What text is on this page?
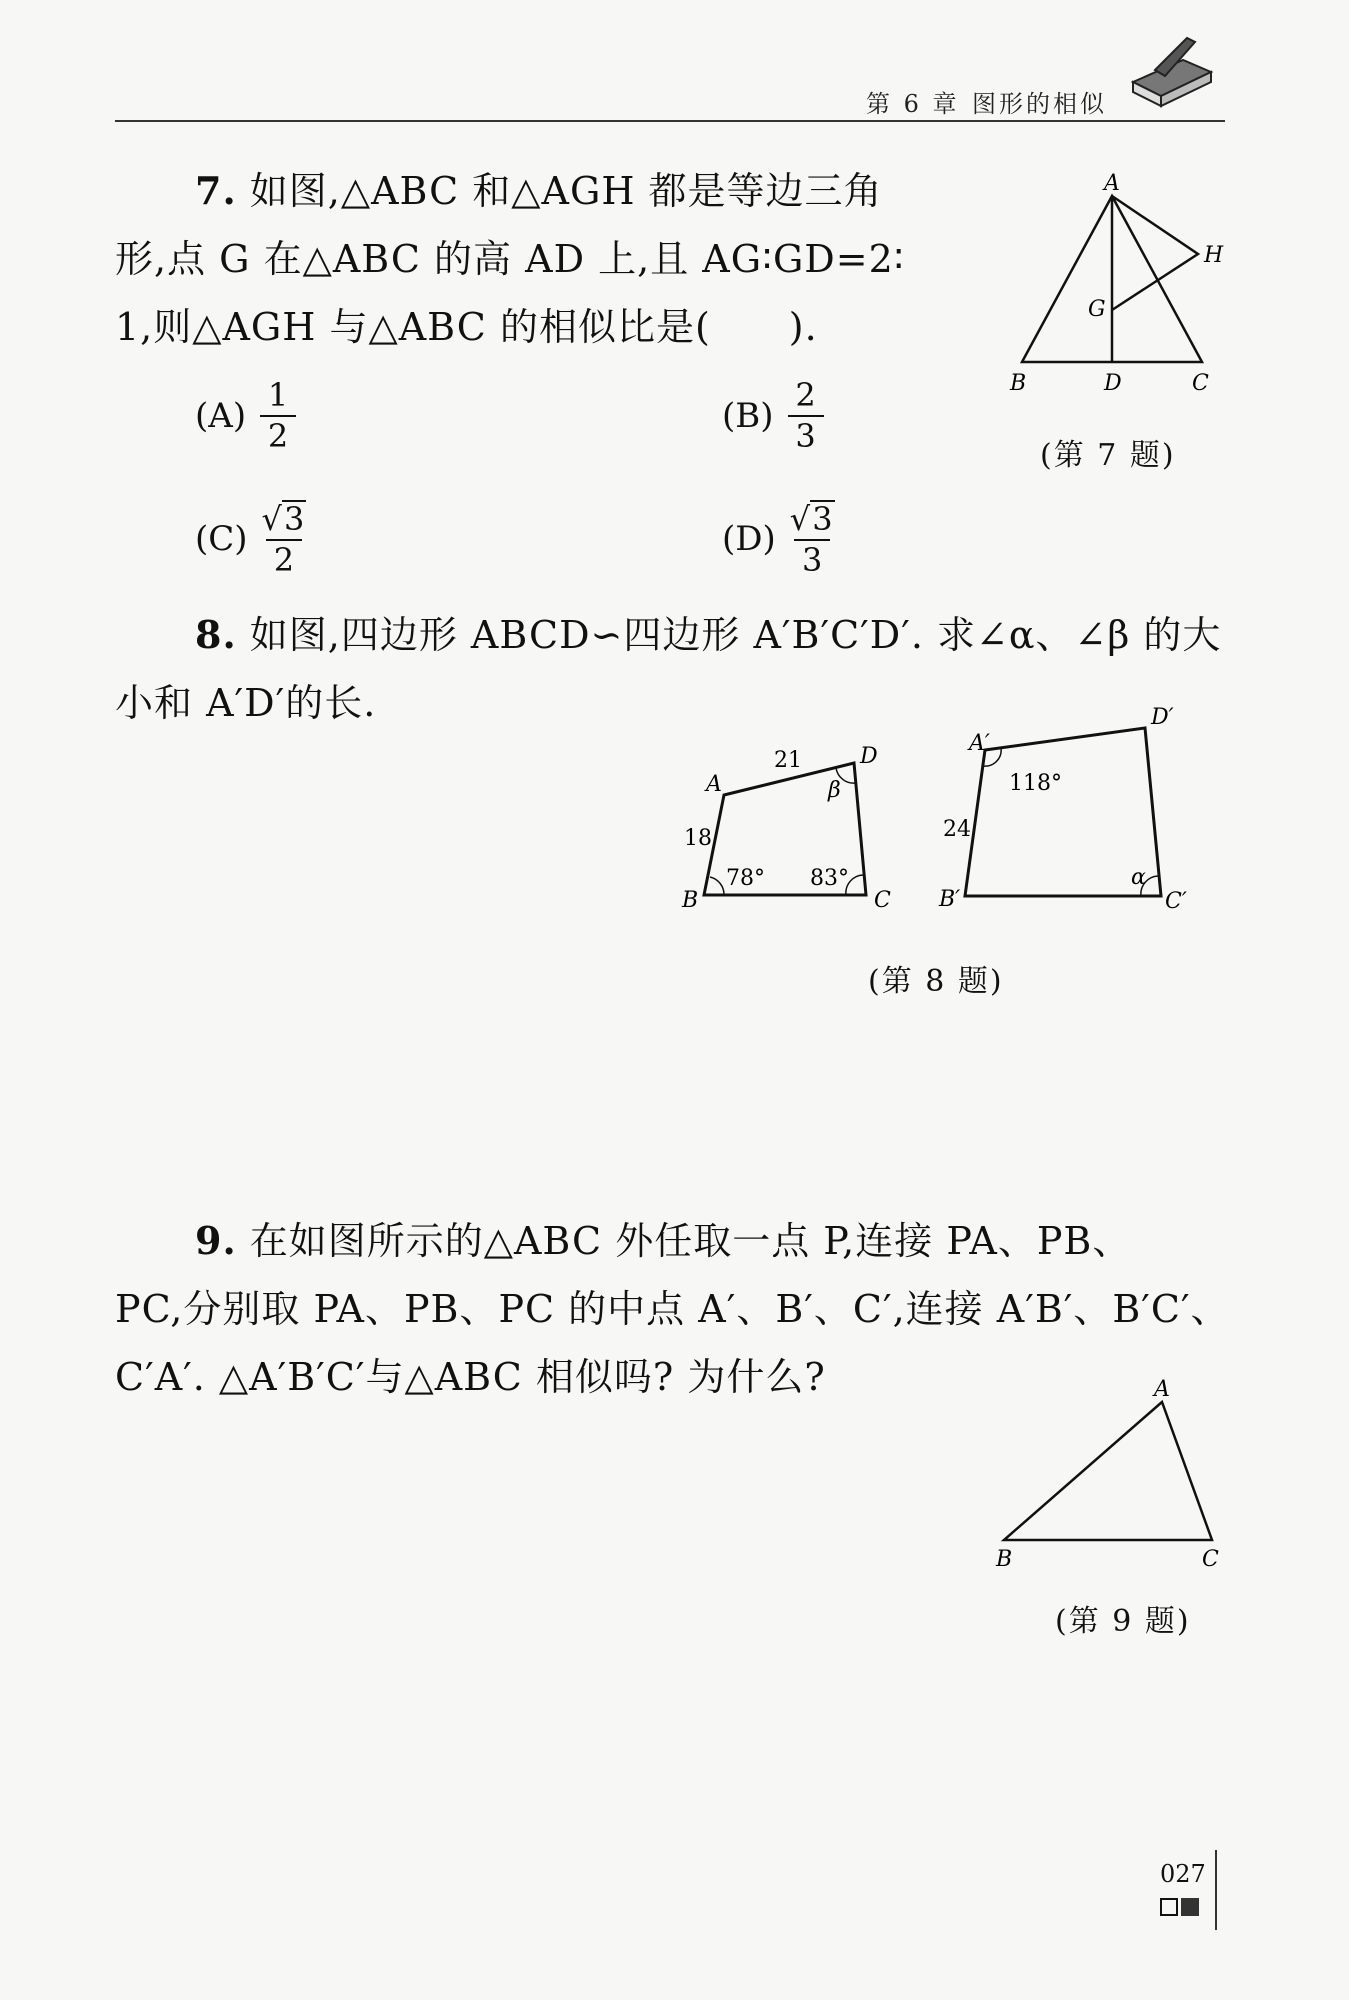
第 6 章 图形的相似
7. 如图,△ABC 和△AGH 都是等边三角
形,点 G 在△ABC 的高 AD 上,且 AG∶GD=2∶
1,则△AGH 与△ABC 的相似比是(　　).
$(A) \frac{1}{2}$	$(B) \frac{2}{3}$
$(C) \frac{√ 3}{2}$	$(D) \frac{√ 3}{3}$
A
B	C
D
G
H
(第 7 题)
8. 如图,四边形 ABCD∽四边形 A′B′C′D′. 求∠α、∠β 的大
小和 A′D′的长.
A
B	C
D
21
18
78° 83°
β
A′
B′	C′
D′
24
118°
α
(第 8 题)
9. 在如图所示的△ABC 外任取一点 P,连接 PA、PB、
PC,分别取 PA、PB、PC 的中点 A′、B′、C′,连接 A′B′、B′C′、
C′A′. △A′B′C′与△ABC 相似吗? 为什么?	A
B	C
(第 9 题)
027
